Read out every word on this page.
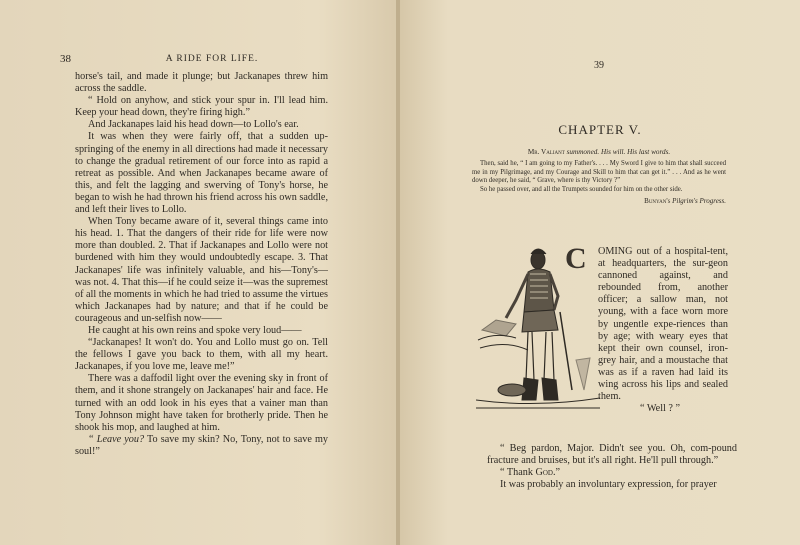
38	A RIDE FOR LIFE.

horse's tail, and made it plunge; but Jackanapes threw him across the saddle.

“ Hold on anyhow, and stick your spur in. I'll lead him. Keep your head down, they're firing high.”

And Jackanapes laid his head down—to Lollo's ear.

It was when they were fairly off, that a sudden up-springing of the enemy in all directions had made it necessary to change the gradual retirement of our force into as rapid a retreat as possible. And when Jackanapes became aware of this, and felt the lagging and swerving of Tony's horse, he began to wish he had thrown his friend across his own saddle, and left their lives to Lollo.

When Tony became aware of it, several things came into his head. 1. That the dangers of their ride for life were now more than doubled. 2. That if Jackanapes and Lollo were not burdened with him they would undoubtedly escape. 3. That Jackanapes' life was infinitely valuable, and his—Tony's—was not. 4. That this—if he could seize it—was the supremest of all the moments in which he had tried to assume the virtues which Jackanapes had by nature; and that if he could be courageous and un-selfish now——

He caught at his own reins and spoke very loud——

“Jackanapes! It won't do. You and Lollo must go on. Tell the fellows I gave you back to them, with all my heart. Jackanapes, if you love me, leave me!”

There was a daffodil light over the evening sky in front of them, and it shone strangely on Jackanapes' hair and face. He turned with an odd look in his eyes that a vainer man than Tony Johnson might have taken for brotherly pride. Then he shook his mop, and laughed at him.

“ Leave you? To save my skin? No, Tony, not to save my soul!”

39
CHAPTER V.
Mr. Valiant summoned. His will. His last words.

Then, said he, “ I am going to my Father's. . . . My Sword I give to him that shall succeed me in my Pilgrimage, and my Courage and Skill to him that can get it.” . . . And as he went down deeper, he said, “ Grave, where is thy Victory ?”

So he passed over, and all the Trumpets sounded for him on the other side.

Bunyan's Pilgrim's Progress.
C OMING out of a hospital-tent, at headquarters, the sur-geon cannoned against, and rebounded from, another officer; a sallow man, not young, with a face worn more by ungentle expe-riences than by age; with weary eyes that kept their own counsel, iron-grey hair, and a moustache that was as if a raven had laid its wing across his lips and sealed them.

“ Well ? ”

“ Beg pardon, Major. Didn't see you. Oh, com-pound fracture and bruises, but it's all right. He'll pull through.”

“ Thank God.”

It was probably an involuntary expression, for prayer
